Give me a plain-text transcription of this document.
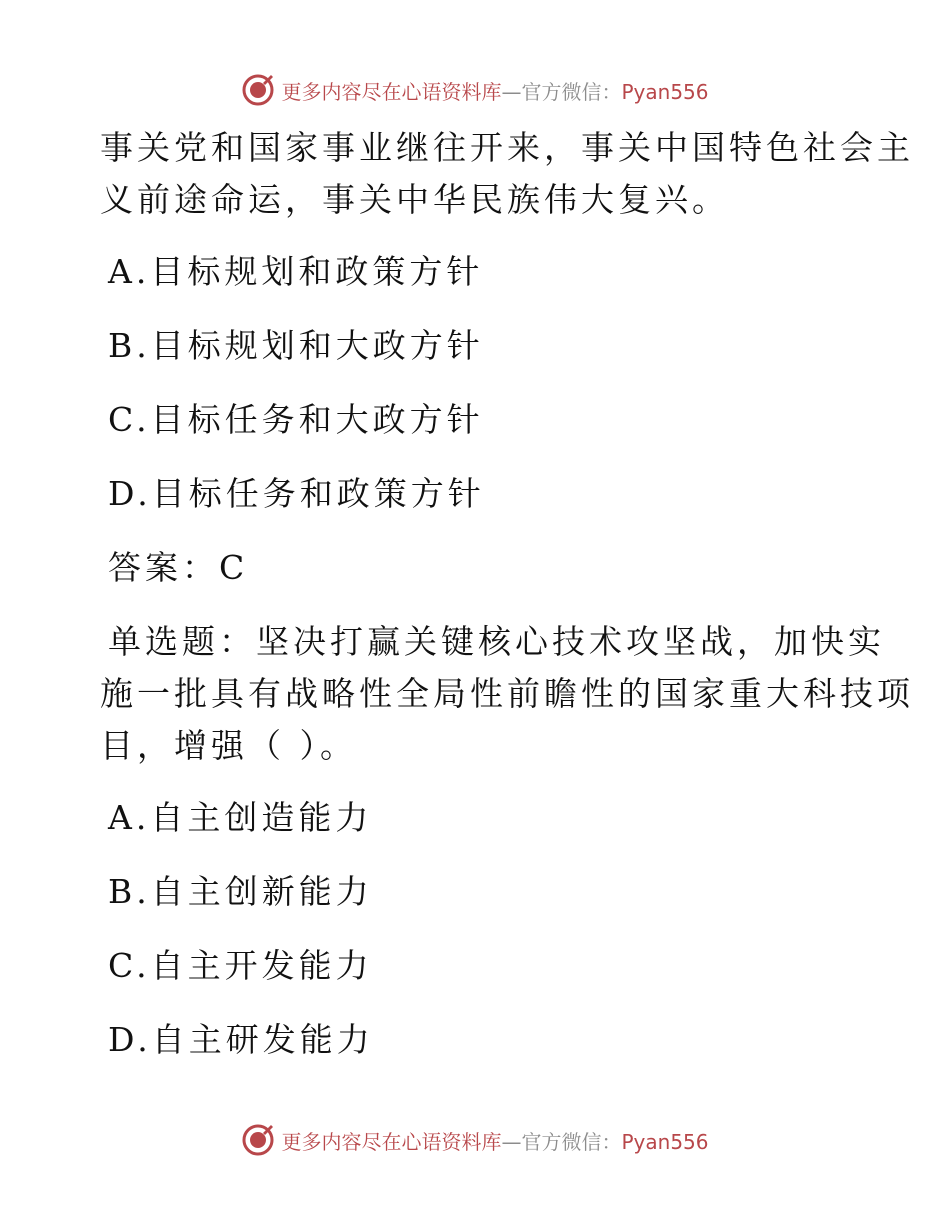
更多内容尽在心语资料库—官方微信：Pyan556
事关党和国家事业继往开来，事关中国特色社会主
义前途命运，事关中华民族伟大复兴。
A.目标规划和政策方针
B.目标规划和大政方针
C.目标任务和大政方针
D.目标任务和政策方针
答案：C
单选题：坚决打赢关键核心技术攻坚战，加快实
施一批具有战略性全局性前瞻性的国家重大科技项
目，增强（ ）。
A.自主创造能力
B.自主创新能力
C.自主开发能力
D.自主研发能力
更多内容尽在心语资料库—官方微信：Pyan556
